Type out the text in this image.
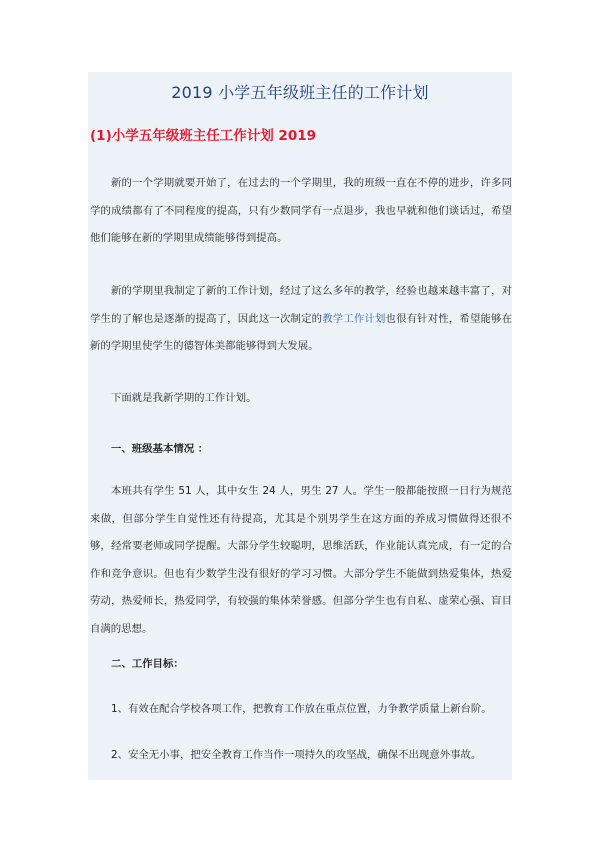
2019 小学五年级班主任的工作计划
(1)小学五年级班主任工作计划 2019

新的一个学期就要开始了，在过去的一个学期里，我的班级一直在不停的进步，许多同学的成绩都有了不同程度的提高，只有少数同学有一点退步，我也早就和他们谈话过，希望他们能够在新的学期里成绩能够得到提高。

新的学期里我制定了新的工作计划，经过了这么多年的教学，经验也越来越丰富了，对学生的了解也是逐渐的提高了，因此这一次制定的教学工作计划也很有针对性，希望能够在新的学期里使学生的德智体美都能够得到大发展。

下面就是我新学期的工作计划。
一、班级基本情况 ：

本班共有学生 51 人，其中女生 24 人，男生 27 人。学生一般都能按照一日行为规范来做，但部分学生自觉性还有待提高，尤其是个别男学生在这方面的养成习惯做得还很不够，经常要老师或同学提醒。大部分学生较聪明，思维活跃，作业能认真完成，有一定的合作和竞争意识。但也有少数学生没有很好的学习习惯。大部分学生不能做到热爱集体，热爱劳动，热爱师长，热爱同学，有较强的集体荣誉感。但部分学生也有自私、虚荣心强、盲目自满的思想。

二、工作目标：
1、有效在配合学校各项工作，把教育工作放在重点位置，力争教学质量上新台阶。
2、安全无小事，把安全教育工作当作一项持久的攻坚战，确保不出现意外事故。
